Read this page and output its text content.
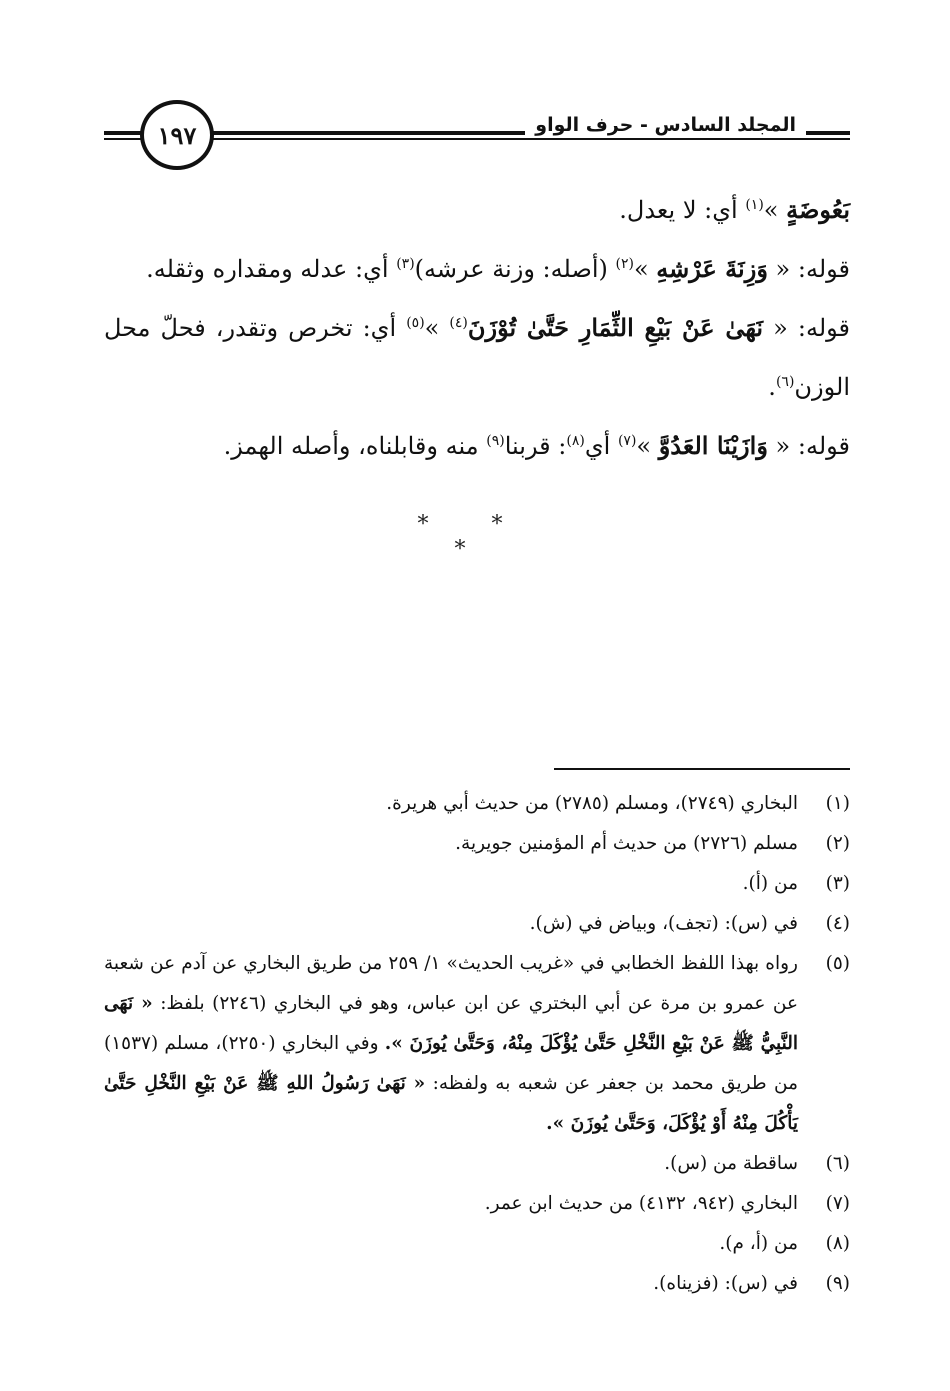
المجلد السادس - حرف الواو
١٩٧

بَعُوضَةٍ »$^{(١)}$ أي: لا يعدل.

قوله: « وَزِنَةَ عَرْشِهِ »$^{(٢)}$ (أصله: وزنة عرشه)$^{(٣)}$ أي: عدله ومقداره وثقله.

قوله: « نَهَىٰ عَنْ بَيْعِ الثِّمَارِ حَتَّىٰ تُوْزَنَ$^{(٤)}$ »$^{(٥)}$ أي: تخرص وتقدر، فحلّ محل الوزن$^{(٦)}$.

قوله: « وَازَيْنَا العَدُوَّ »$^{(٧)}$ أي$^{(٨)}$: قربنا$^{(٩)}$ منه وقابلناه، وأصله الهمز.

* * *
(١)
البخاري (٢٧٤٩)، ومسلم (٢٧٨٥) من حديث أبي هريرة.
(٢)
مسلم (٢٧٢٦) من حديث أم المؤمنين جويرية.
(٣)
من (أ).
(٤)
في (س): (تجف)، وبياض في (ش).
(٥)
رواه بهذا اللفظ الخطابي في «غريب الحديث» ١/ ٢٥٩ من طريق البخاري عن آدم عن شعبة عن عمرو بن مرة عن أبي البختري عن ابن عباس، وهو في البخاري (٢٢٤٦) بلفظ: « نَهَى النَّبِيُّ ﷺ عَنْ بَيْعِ النَّخْلِ حَتَّىٰ يُؤْكَلَ مِنْهُ، وَحَتَّىٰ يُوزَنَ ». وفي البخاري (٢٢٥٠)، مسلم (١٥٣٧) من طريق محمد بن جعفر عن شعبه به ولفظه: « نَهَىٰ رَسُولُ اللهِ ﷺ عَنْ بَيْعِ النَّخْلِ حَتَّىٰ يَأْكُلَ مِنْهُ أَوْ يُؤْكَلَ، وَحَتَّىٰ يُوزَنَ ».
(٦)
ساقطة من (س).
(٧)
البخاري (٩٤٢، ٤١٣٢) من حديث ابن عمر.
(٨)
من (أ، م).
(٩)
في (س): (فزيناه).
